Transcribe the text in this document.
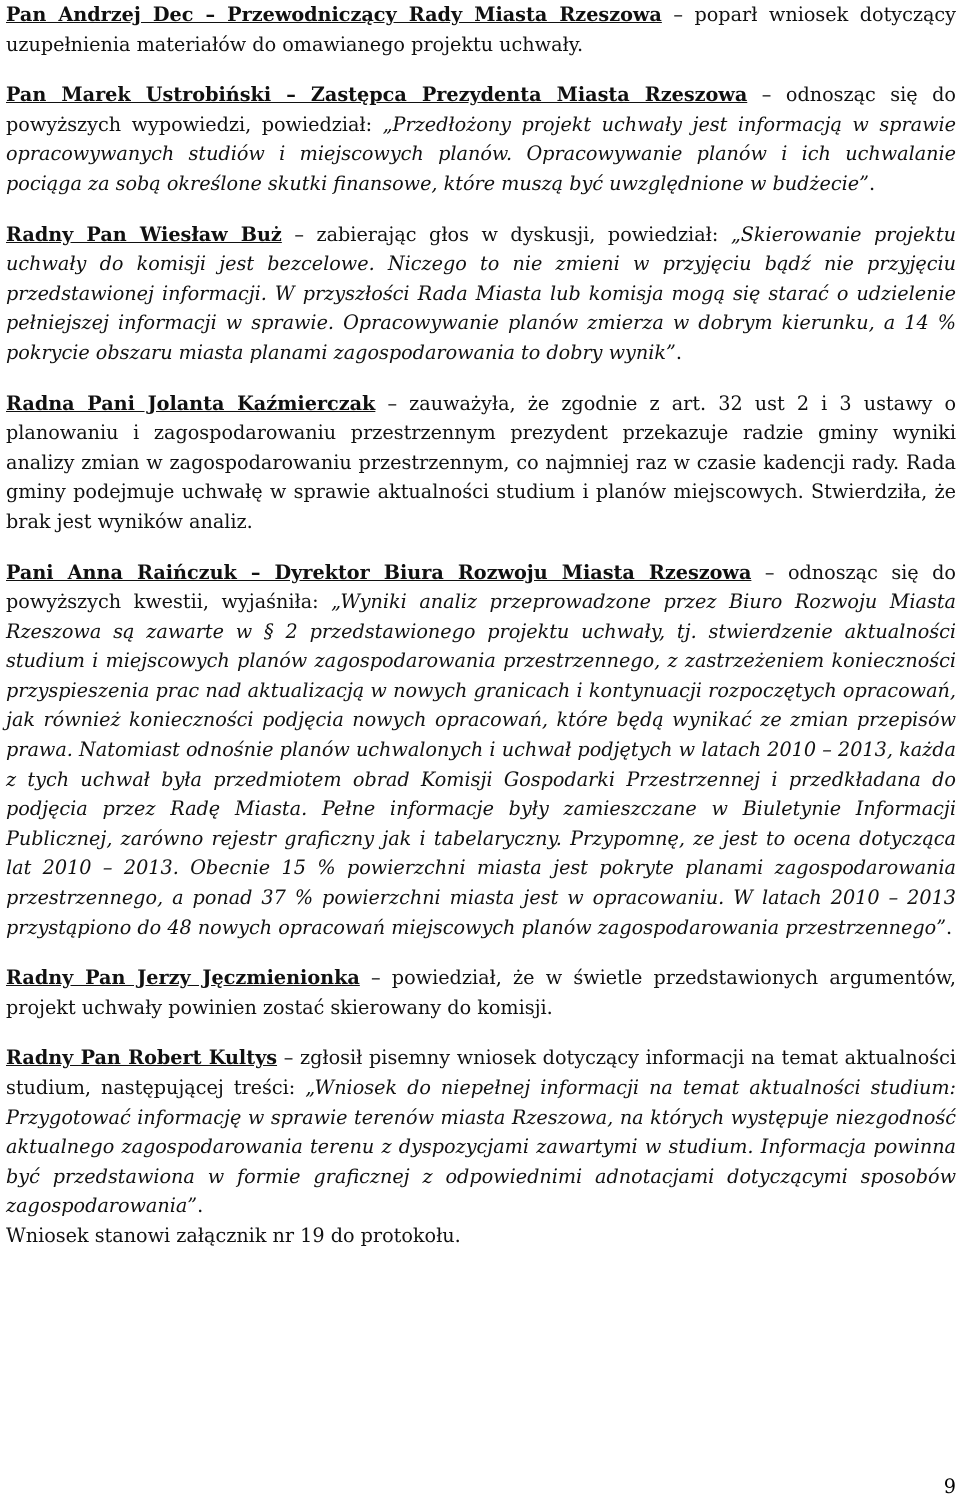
Pan Andrzej Dec – Przewodniczący Rady Miasta Rzeszowa – poparł wniosek dotyczący uzupełnienia materiałów do omawianego projektu uchwały.

Pan Marek Ustrobiński – Zastępca Prezydenta Miasta Rzeszowa – odnosząc się do powyższych wypowiedzi, powiedział: „Przedłożony projekt uchwały jest informacją w sprawie opracowywanych studiów i miejscowych planów. Opracowywanie planów i ich uchwalanie pociąga za sobą określone skutki finansowe, które muszą być uwzględnione w budżecie”.

Radny Pan Wiesław Buż – zabierając głos w dyskusji, powiedział: „Skierowanie projektu uchwały do komisji jest bezcelowe. Niczego to nie zmieni w przyjęciu bądź nie przyjęciu przedstawionej informacji. W przyszłości Rada Miasta lub komisja mogą się starać o udzielenie pełniejszej informacji w sprawie. Opracowywanie planów zmierza w dobrym kierunku, a 14 % pokrycie obszaru miasta planami zagospodarowania to dobry wynik”.

Radna Pani Jolanta Kaźmierczak – zauważyła, że zgodnie z art. 32 ust 2 i 3 ustawy o planowaniu i zagospodarowaniu przestrzennym prezydent przekazuje radzie gminy wyniki analizy zmian w zagospodarowaniu przestrzennym, co najmniej raz w czasie kadencji rady. Rada gminy podejmuje uchwałę w sprawie aktualności studium i planów miejscowych. Stwierdziła, że brak jest wyników analiz.

Pani Anna Raińczuk – Dyrektor Biura Rozwoju Miasta Rzeszowa – odnosząc się do powyższych kwestii, wyjaśniła: „Wyniki analiz przeprowadzone przez Biuro Rozwoju Miasta Rzeszowa są zawarte w § 2 przedstawionego projektu uchwały, tj. stwierdzenie aktualności studium i miejscowych planów zagospodarowania przestrzennego, z zastrzeżeniem konieczności przyspieszenia prac nad aktualizacją w nowych granicach i kontynuacji rozpoczętych opracowań, jak również konieczności podjęcia nowych opracowań, które będą wynikać ze zmian przepisów prawa. Natomiast odnośnie planów uchwalonych i uchwał podjętych w latach 2010 – 2013, każda z tych uchwał była przedmiotem obrad Komisji Gospodarki Przestrzennej i przedkładana do podjęcia przez Radę Miasta. Pełne informacje były zamieszczane w Biuletynie Informacji Publicznej, zarówno rejestr graficzny jak i tabelaryczny. Przypomnę, ze jest to ocena dotycząca lat 2010 – 2013. Obecnie 15 % powierzchni miasta jest pokryte planami zagospodarowania przestrzennego, a ponad 37 % powierzchni miasta jest w opracowaniu. W latach 2010 – 2013 przystąpiono do 48 nowych opracowań miejscowych planów zagospodarowania przestrzennego”.

Radny Pan Jerzy Jęczmienionka – powiedział, że w świetle przedstawionych argumentów, projekt uchwały powinien zostać skierowany do komisji.

Radny Pan Robert Kultys – zgłosił pisemny wniosek dotyczący informacji na temat aktualności studium, następującej treści: „Wniosek do niepełnej informacji na temat aktualności studium: Przygotować informację w sprawie terenów miasta Rzeszowa, na których występuje niezgodność aktualnego zagospodarowania terenu z dyspozycjami zawartymi w studium. Informacja powinna być przedstawiona w formie graficznej z odpowiednimi adnotacjami dotyczącymi sposobów zagospodarowania”.

Wniosek stanowi załącznik nr 19 do protokołu.

9
